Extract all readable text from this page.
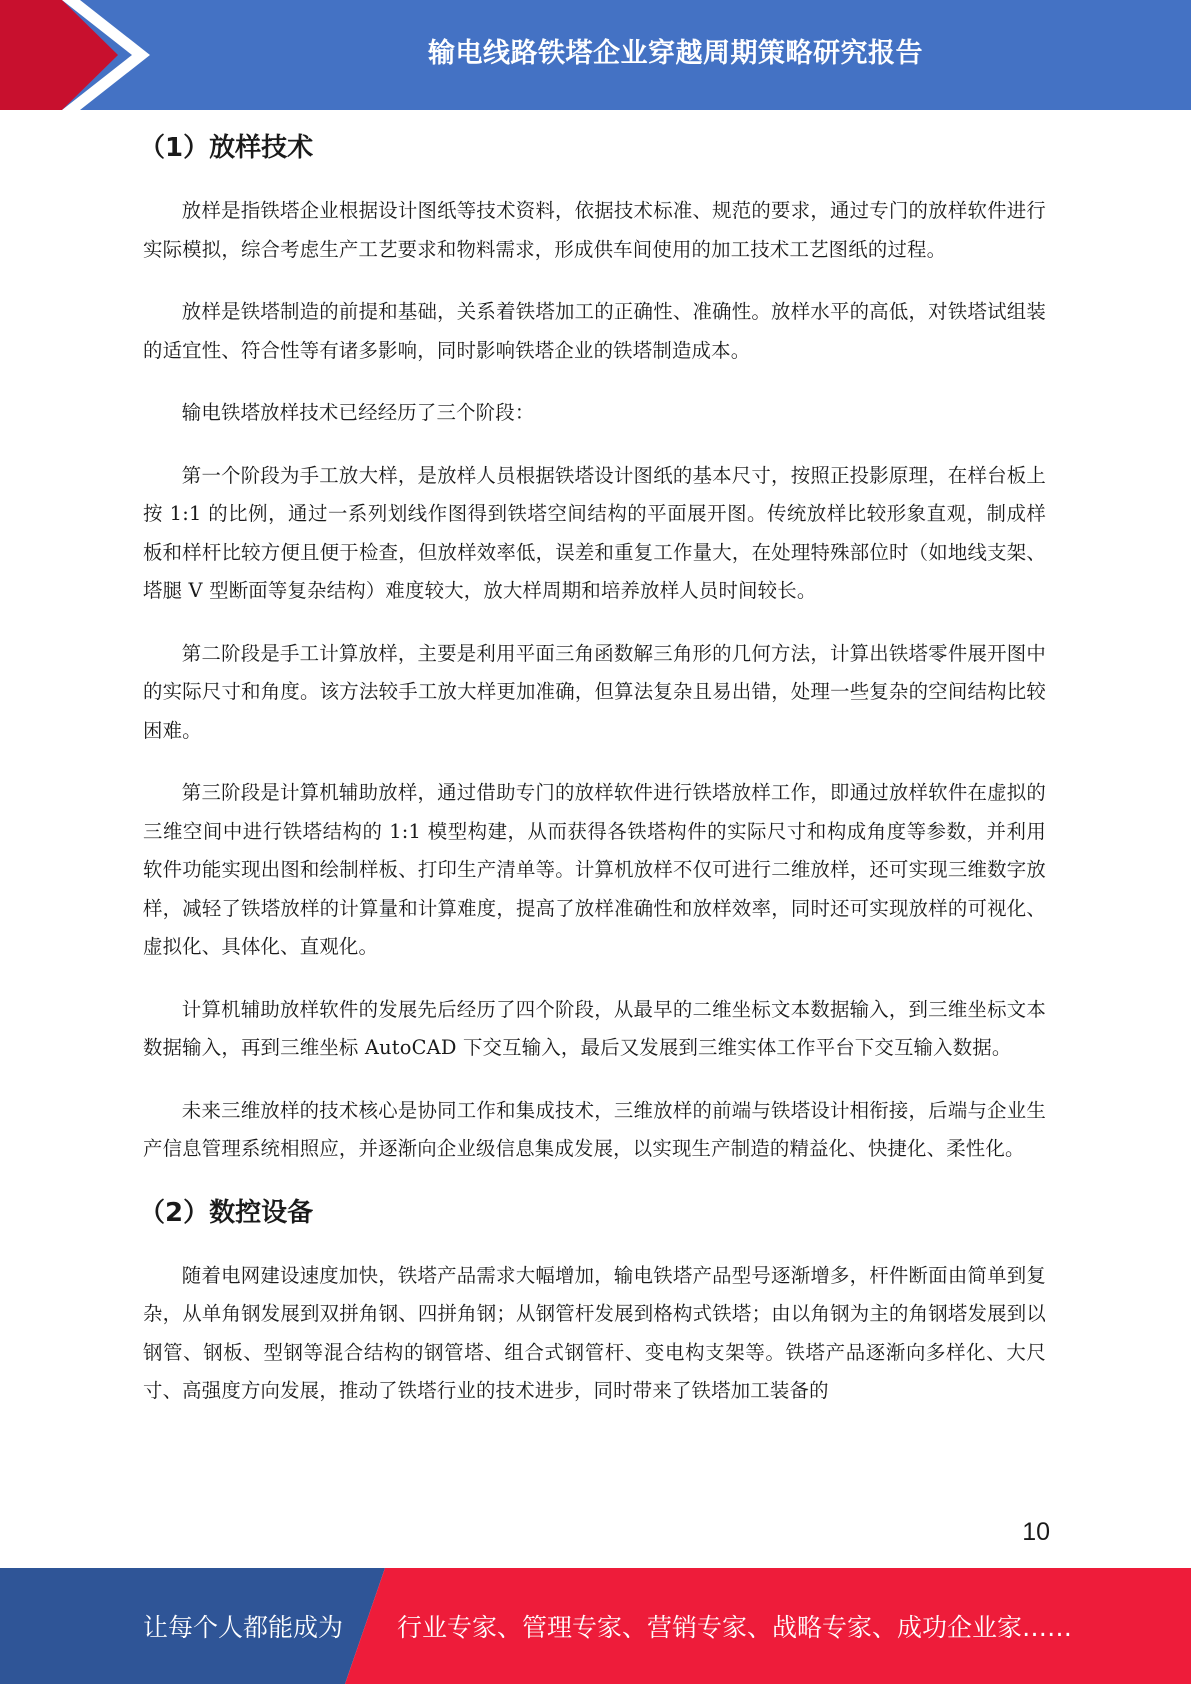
输电线路铁塔企业穿越周期策略研究报告
（1）放样技术

放样是指铁塔企业根据设计图纸等技术资料，依据技术标准、规范的要求，通过专门的放样软件进行实际模拟，综合考虑生产工艺要求和物料需求，形成供车间使用的加工技术工艺图纸的过程。

放样是铁塔制造的前提和基础，关系着铁塔加工的正确性、准确性。放样水平的高低，对铁塔试组装的适宜性、符合性等有诸多影响，同时影响铁塔企业的铁塔制造成本。

输电铁塔放样技术已经经历了三个阶段：

第一个阶段为手工放大样，是放样人员根据铁塔设计图纸的基本尺寸，按照正投影原理，在样台板上按 1:1 的比例，通过一系列划线作图得到铁塔空间结构的平面展开图。传统放样比较形象直观，制成样板和样杆比较方便且便于检查，但放样效率低，误差和重复工作量大，在处理特殊部位时（如地线支架、塔腿 V 型断面等复杂结构）难度较大，放大样周期和培养放样人员时间较长。

第二阶段是手工计算放样，主要是利用平面三角函数解三角形的几何方法，计算出铁塔零件展开图中的实际尺寸和角度。该方法较手工放大样更加准确，但算法复杂且易出错，处理一些复杂的空间结构比较困难。

第三阶段是计算机辅助放样，通过借助专门的放样软件进行铁塔放样工作，即通过放样软件在虚拟的三维空间中进行铁塔结构的 1:1 模型构建，从而获得各铁塔构件的实际尺寸和构成角度等参数，并利用软件功能实现出图和绘制样板、打印生产清单等。计算机放样不仅可进行二维放样，还可实现三维数字放样，减轻了铁塔放样的计算量和计算难度，提高了放样准确性和放样效率，同时还可实现放样的可视化、虚拟化、具体化、直观化。

计算机辅助放样软件的发展先后经历了四个阶段，从最早的二维坐标文本数据输入，到三维坐标文本数据输入，再到三维坐标 AutoCAD 下交互输入，最后又发展到三维实体工作平台下交互输入数据。

未来三维放样的技术核心是协同工作和集成技术，三维放样的前端与铁塔设计相衔接，后端与企业生产信息管理系统相照应，并逐渐向企业级信息集成发展，以实现生产制造的精益化、快捷化、柔性化。

（2）数控设备

随着电网建设速度加快，铁塔产品需求大幅增加，输电铁塔产品型号逐渐增多，杆件断面由简单到复杂，从单角钢发展到双拼角钢、四拼角钢；从钢管杆发展到格构式铁塔；由以角钢为主的角钢塔发展到以钢管、钢板、型钢等混合结构的钢管塔、组合式钢管杆、变电构支架等。铁塔产品逐渐向多样化、大尺寸、高强度方向发展，推动了铁塔行业的技术进步，同时带来了铁塔加工装备的

10
让每个人都能成为 行业专家、管理专家、营销专家、战略专家、成功企业家……
